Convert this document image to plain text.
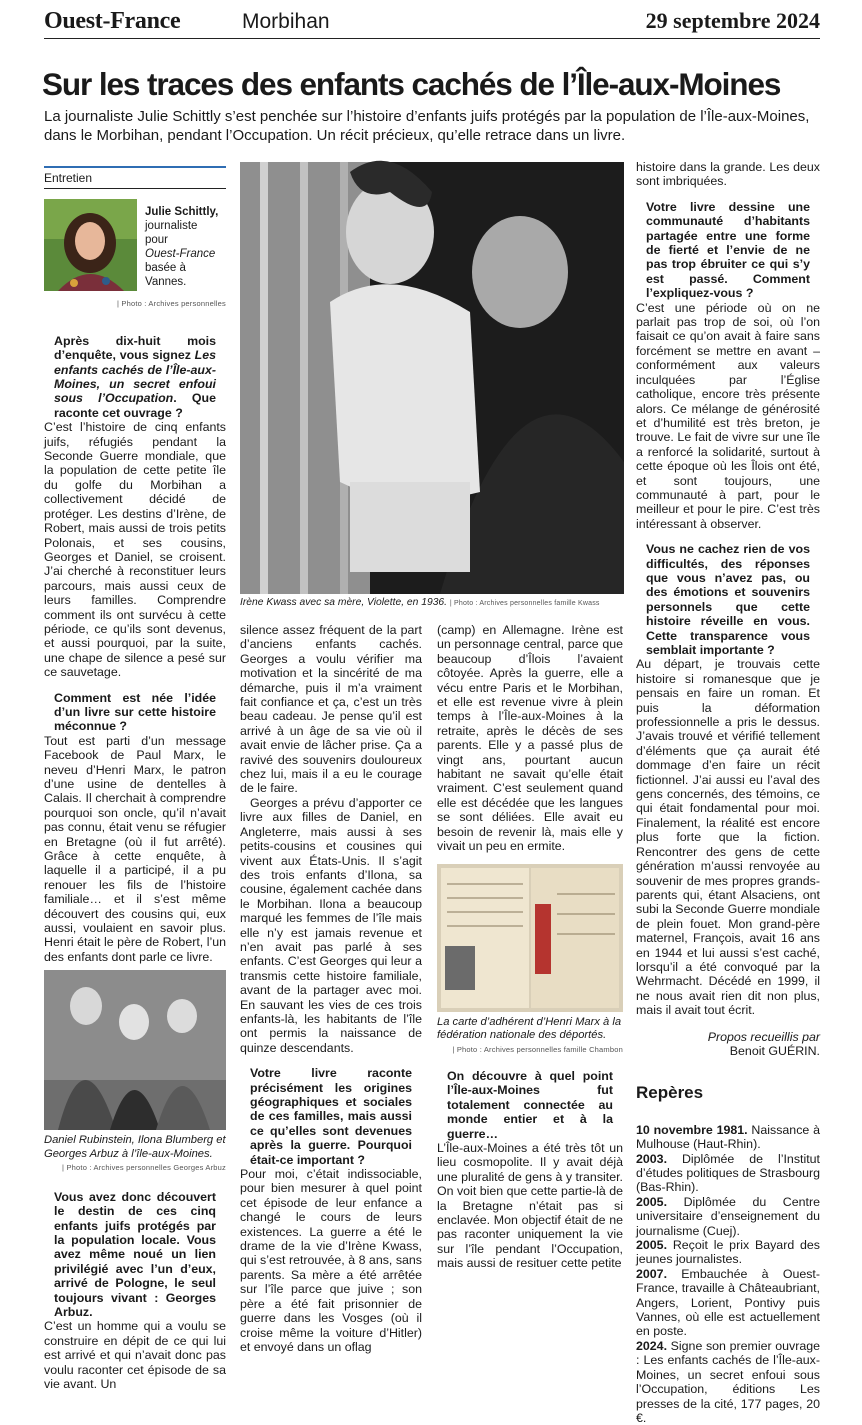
Ouest-France	Morbihan	29 septembre 2024
Sur les traces des enfants cachés de l’Île-aux-Moines

La journaliste Julie Schittly s’est penchée sur l’histoire d’enfants juifs protégés par la population de l’Île-aux-Moines, dans le Morbihan, pendant l’Occupation. Un récit précieux, qu’elle retrace dans un livre.

Entretien

Julie Schittly,
journaliste
pour
Ouest-France
basée à Vannes.

| Photo : Archives personnelles

Après dix-huit mois d’enquête, vous signez Les enfants cachés de l’Île-aux-Moines, un secret enfoui sous l’Occupation. Que raconte cet ouvrage ?

C’est l’histoire de cinq enfants juifs, réfugiés pendant la Seconde Guerre mondiale, que la population de cette petite île du golfe du Morbihan a collectivement décidé de protéger. Les destins d’Irène, de Robert, mais aussi de trois petits Polonais, et ses cousins, Georges et Daniel, se croisent. J’ai cherché à reconstituer leurs parcours, mais aussi ceux de leurs familles. Comprendre comment ils ont survécu à cette période, ce qu’ils sont devenus, et aussi pourquoi, par la suite, une chape de silence a pesé sur ce sauvetage.

Comment est née l’idée d’un livre sur cette histoire méconnue ?

Tout est parti d’un message Facebook de Paul Marx, le neveu d’Henri Marx, le patron d’une usine de dentelles à Calais. Il cherchait à comprendre pourquoi son oncle, qu’il n’avait pas connu, était venu se réfugier en Bretagne (où il fut arrêté). Grâce à cette enquête, à laquelle il a participé, il a pu renouer les fils de l’histoire familiale… et il s’est même découvert des cousins qui, eux aussi, voulaient en savoir plus. Henri était le père de Robert, l’un des enfants dont parle ce livre.

Daniel Rubinstein, Ilona Blumberg et Georges Arbuz à l’île-aux-Moines.

| Photo : Archives personnelles Georges Arbuz

Vous avez donc découvert le destin de ces cinq enfants juifs protégés par la population locale. Vous avez même noué un lien privilégié avec l’un d’eux, arrivé de Pologne, le seul toujours vivant : Georges Arbuz.

C’est un homme qui a voulu se construire en dépit de ce qui lui est arrivé et qui n’avait donc pas voulu raconter cet épisode de sa vie avant. Un

Irène Kwass avec sa mère, Violette, en 1936. | Photo : Archives personnelles famille Kwass

silence assez fréquent de la part d’anciens enfants cachés. Georges a voulu vérifier ma motivation et la sincérité de ma démarche, puis il m’a vraiment fait confiance et ça, c’est un très beau cadeau. Je pense qu’il est arrivé à un âge de sa vie où il avait envie de lâcher prise. Ça a ravivé des souvenirs douloureux chez lui, mais il a eu le courage de le faire.

Georges a prévu d’apporter ce livre aux filles de Daniel, en Angleterre, mais aussi à ses petits-cousins et cousines qui vivent aux États-Unis. Il s’agit des trois enfants d’Ilona, sa cousine, également cachée dans le Morbihan. Ilona a beaucoup marqué les femmes de l’île mais elle n’y est jamais revenue et n’en avait pas parlé à ses enfants. C’est Georges qui leur a transmis cette histoire familiale, avant de la partager avec moi. En sauvant les vies de ces trois enfants-là, les habitants de l’île ont permis la naissance de quinze descendants.

Votre livre raconte précisément les origines géographiques et sociales de ces familles, mais aussi ce qu’elles sont devenues après la guerre. Pourquoi était-ce important ?

Pour moi, c’était indissociable, pour bien mesurer à quel point cet épisode de leur enfance a changé le cours de leurs existences. La guerre a été le drame de la vie d’Irène Kwass, qui s’est retrouvée, à 8 ans, sans parents. Sa mère a été arrêtée sur l’île parce que juive ; son père a été fait prisonnier de guerre dans les Vosges (où il croise même la voiture d’Hitler) et envoyé dans un oflag

(camp) en Allemagne. Irène est un personnage central, parce que beaucoup d’Îlois l’avaient côtoyée. Après la guerre, elle a vécu entre Paris et le Morbihan, et elle est revenue vivre à plein temps à l’Île-aux-Moines à la retraite, après le décès de ses parents. Elle y a passé plus de vingt ans, pourtant aucun habitant ne savait qu’elle était vraiment. C’est seulement quand elle est décédée que les langues se sont déliées. Elle avait eu besoin de revenir là, mais elle y vivait un peu en ermite.

La carte d’adhérent d’Henri Marx à la fédération nationale des déportés.

| Photo : Archives personnelles famille Chambon

On découvre à quel point l’Île-aux-Moines fut totalement connectée au monde entier et à la guerre…

L’Île-aux-Moines a été très tôt un lieu cosmopolite. Il y avait déjà une pluralité de gens à y transiter. On voit bien que cette partie-là de la Bretagne n’était pas si enclavée. Mon objectif était de ne pas raconter uniquement la vie sur l’île pendant l’Occupation, mais aussi de resituer cette petite

histoire dans la grande. Les deux sont imbriquées.

Votre livre dessine une communauté d’habitants partagée entre une forme de fierté et l’envie de ne pas trop ébruiter ce qui s’y est passé. Comment l’expliquez-vous ?

C’est une période où on ne parlait pas trop de soi, où l’on faisait ce qu’on avait à faire sans forcément se mettre en avant – conformément aux valeurs inculquées par l’Église catholique, encore très présente alors. Ce mélange de générosité et d’humilité est très breton, je trouve. Le fait de vivre sur une île a renforcé la solidarité, surtout à cette époque où les Îlois ont été, et sont toujours, une communauté à part, pour le meilleur et pour le pire. C’est très intéressant à observer.

Vous ne cachez rien de vos difficultés, des réponses que vous n’avez pas, ou des émotions et souvenirs personnels que cette histoire réveille en vous. Cette transparence vous semblait importante ?

Au départ, je trouvais cette histoire si romanesque que je pensais en faire un roman. Et puis la déformation professionnelle a pris le dessus. J’avais trouvé et vérifié tellement d’éléments que ça aurait été dommage d’en faire un récit fictionnel. J’ai aussi eu l’aval des gens concernés, des témoins, ce qui était fondamental pour moi. Finalement, la réalité est encore plus forte que la fiction. Rencontrer des gens de cette génération m’aussi renvoyée au souvenir de mes propres grands-parents qui, étant Alsaciens, ont subi la Seconde Guerre mondiale de plein fouet. Mon grand-père maternel, François, avait 16 ans en 1944 et lui aussi s’est caché, lorsqu’il a été convoqué par la Wehrmacht. Décédé en 1999, il ne nous avait rien dit non plus, mais il avait tout écrit.

Propos recueillis par

Benoit GUÉRIN.

Repères

10 novembre 1981. Naissance à Mulhouse (Haut-Rhin).

2003. Diplômée de l’Institut d’études politiques de Strasbourg (Bas-Rhin).

2005. Diplômée du Centre universitaire d’enseignement du journalisme (Cuej).

2005. Reçoit le prix Bayard des jeunes journalistes.

2007. Embauchée à Ouest-France, travaille à Châteaubriant, Angers, Lorient, Pontivy puis Vannes, où elle est actuellement en poste.

2024. Signe son premier ouvrage : Les enfants cachés de l’Île-aux-Moines, un secret enfoui sous l’Occupation, éditions Les presses de la cité, 177 pages, 20 €.
